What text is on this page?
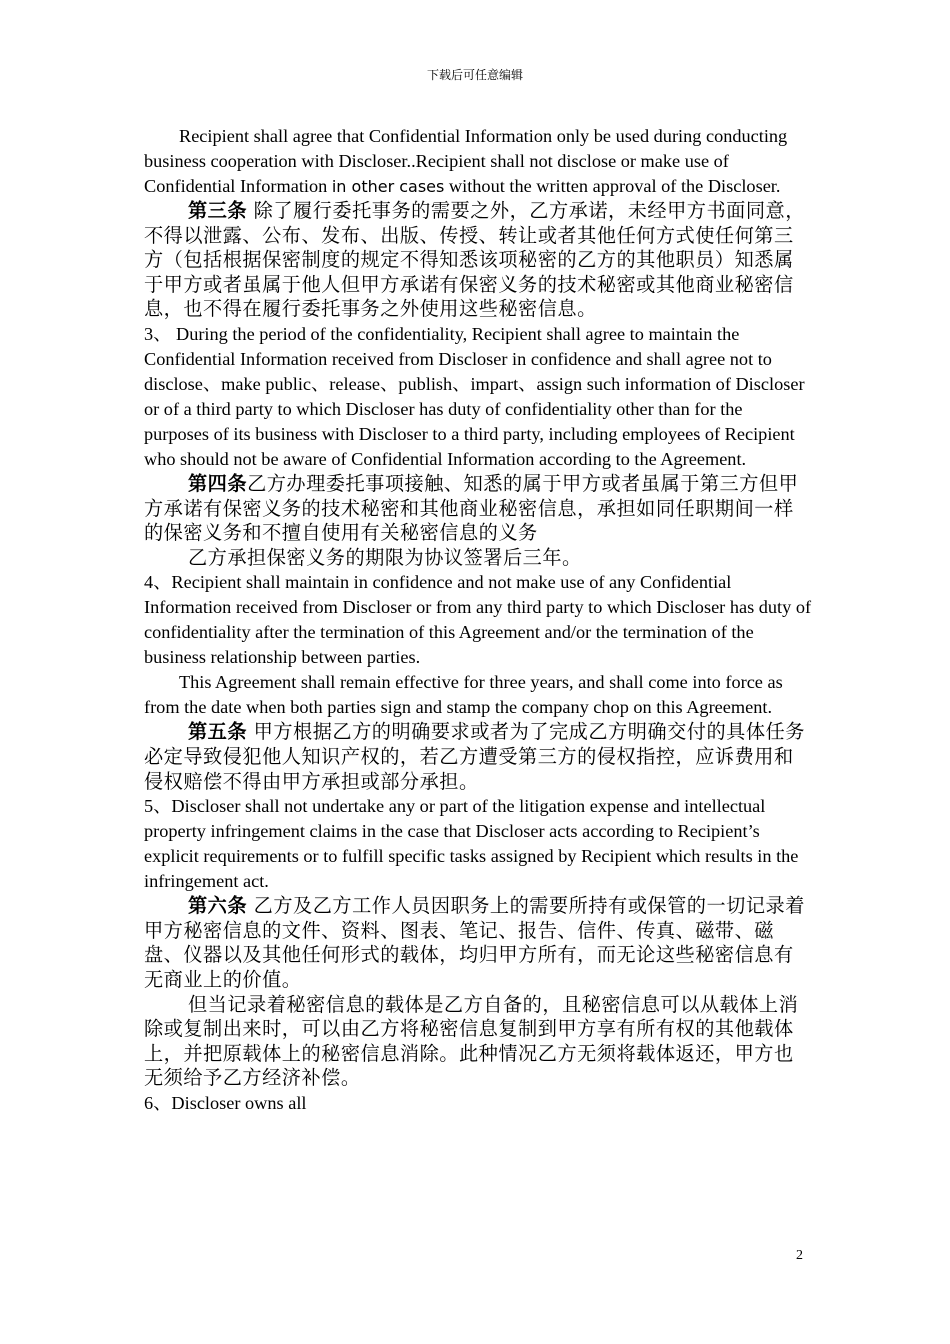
下载后可任意编辑

Recipient shall agree that Confidential Information only be used during conducting business cooperation with Discloser..Recipient shall not disclose or make use of Confidential Information in other cases without the written approval of the Discloser.

第三条 除了履行委托事务的需要之外，乙方承诺，未经甲方书面同意，不得以泄露、公布、发布、出版、传授、转让或者其他任何方式使任何第三方（包括根据保密制度的规定不得知悉该项秘密的乙方的其他职员）知悉属于甲方或者虽属于他人但甲方承诺有保密义务的技术秘密或其他商业秘密信息，也不得在履行委托事务之外使用这些秘密信息。

3、 During the period of the confidentiality, Recipient shall agree to maintain the Confidential Information received from Discloser in confidence and shall agree not to disclose、make public、release、publish、impart、assign such information of Discloser or of a third party to which Discloser has duty of confidentiality other than for the purposes of its business with Discloser to a third party, including employees of Recipient who should not be aware of Confidential Information according to the Agreement.

第四条乙方办理委托事项接触、知悉的属于甲方或者虽属于第三方但甲方承诺有保密义务的技术秘密和其他商业秘密信息，承担如同任职期间一样的保密义务和不擅自使用有关秘密信息的义务

乙方承担保密义务的期限为协议签署后三年。

4、Recipient shall maintain in confidence and not make use of any Confidential Information received from Discloser or from any third party to which Discloser has duty of confidentiality after the termination of this Agreement and/or the termination of the business relationship between parties.

This Agreement shall remain effective for three years, and shall come into force as from the date when both parties sign and stamp the company chop on this Agreement.

第五条 甲方根据乙方的明确要求或者为了完成乙方明确交付的具体任务必定导致侵犯他人知识产权的，若乙方遭受第三方的侵权指控，应诉费用和侵权赔偿不得由甲方承担或部分承担。

5、Discloser shall not undertake any or part of the litigation expense and intellectual property infringement claims in the case that Discloser acts according to Recipient’s explicit requirements or to fulfill specific tasks assigned by Recipient which results in the infringement act.

第六条 乙方及乙方工作人员因职务上的需要所持有或保管的一切记录着甲方秘密信息的文件、资料、图表、笔记、报告、信件、传真、磁带、磁盘、仪器以及其他任何形式的载体，均归甲方所有，而无论这些秘密信息有无商业上的价值。

但当记录着秘密信息的载体是乙方自备的，且秘密信息可以从载体上消除或复制出来时，可以由乙方将秘密信息复制到甲方享有所有权的其他载体上，并把原载体上的秘密信息消除。此种情况乙方无须将载体返还，甲方也无须给予乙方经济补偿。

6、Discloser owns all

2
